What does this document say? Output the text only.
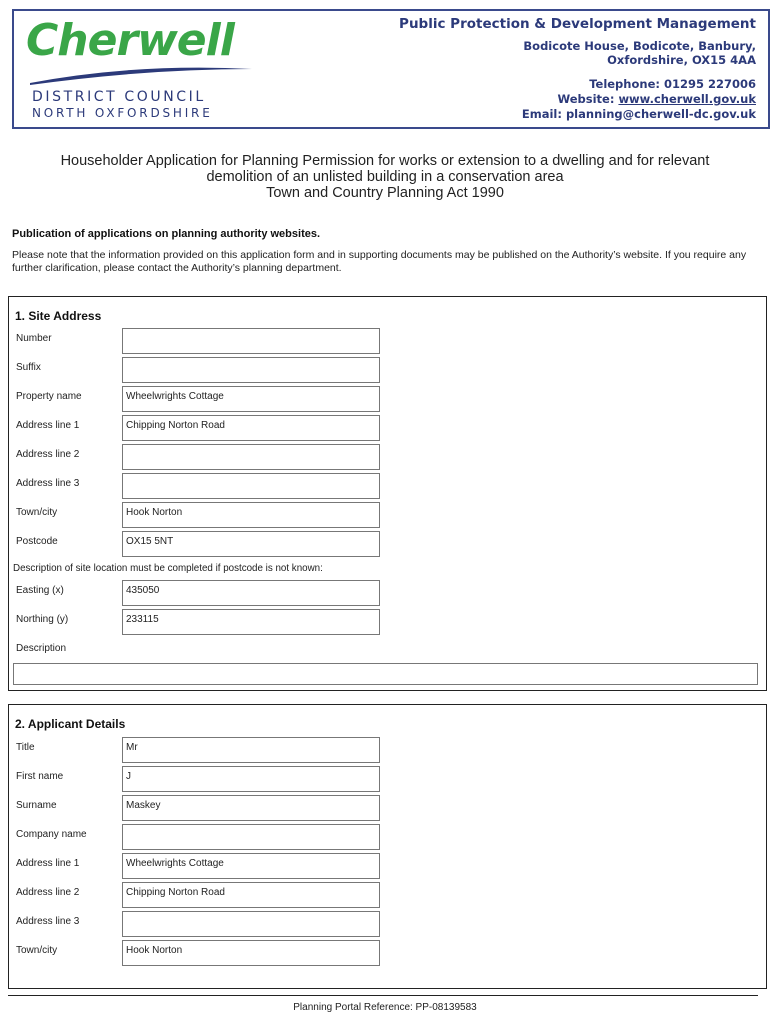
Cherwell
DISTRICT COUNCIL
NORTH OXFORDSHIRE
Public Protection & Development Management
Bodicote House, Bodicote, Banbury,
Oxfordshire, OX15 4AA
Telephone: 01295 227006
Website: www.cherwell.gov.uk
Email: planning@cherwell-dc.gov.uk
Householder Application for Planning Permission for works or extension to a dwelling and for relevant
demolition of an unlisted building in a conservation area
Town and Country Planning Act 1990
Publication of applications on planning authority websites.
Please note that the information provided on this application form and in supporting documents may be published on the Authority’s website. If you require any further clarification, please contact the Authority’s planning department.
1. Site Address
Number
Suffix
Property name	Wheelwrights Cottage
Address line 1	Chipping Norton Road
Address line 2
Address line 3
Town/city	Hook Norton
Postcode	OX15 5NT
Description of site location must be completed if postcode is not known:
Easting (x)	435050
Northing (y)	233115
Description
2. Applicant Details
Title	Mr
First name	J
Surname	Maskey
Company name
Address line 1	Wheelwrights Cottage
Address line 2	Chipping Norton Road
Address line 3
Town/city	Hook Norton
Planning Portal Reference: PP-08139583
